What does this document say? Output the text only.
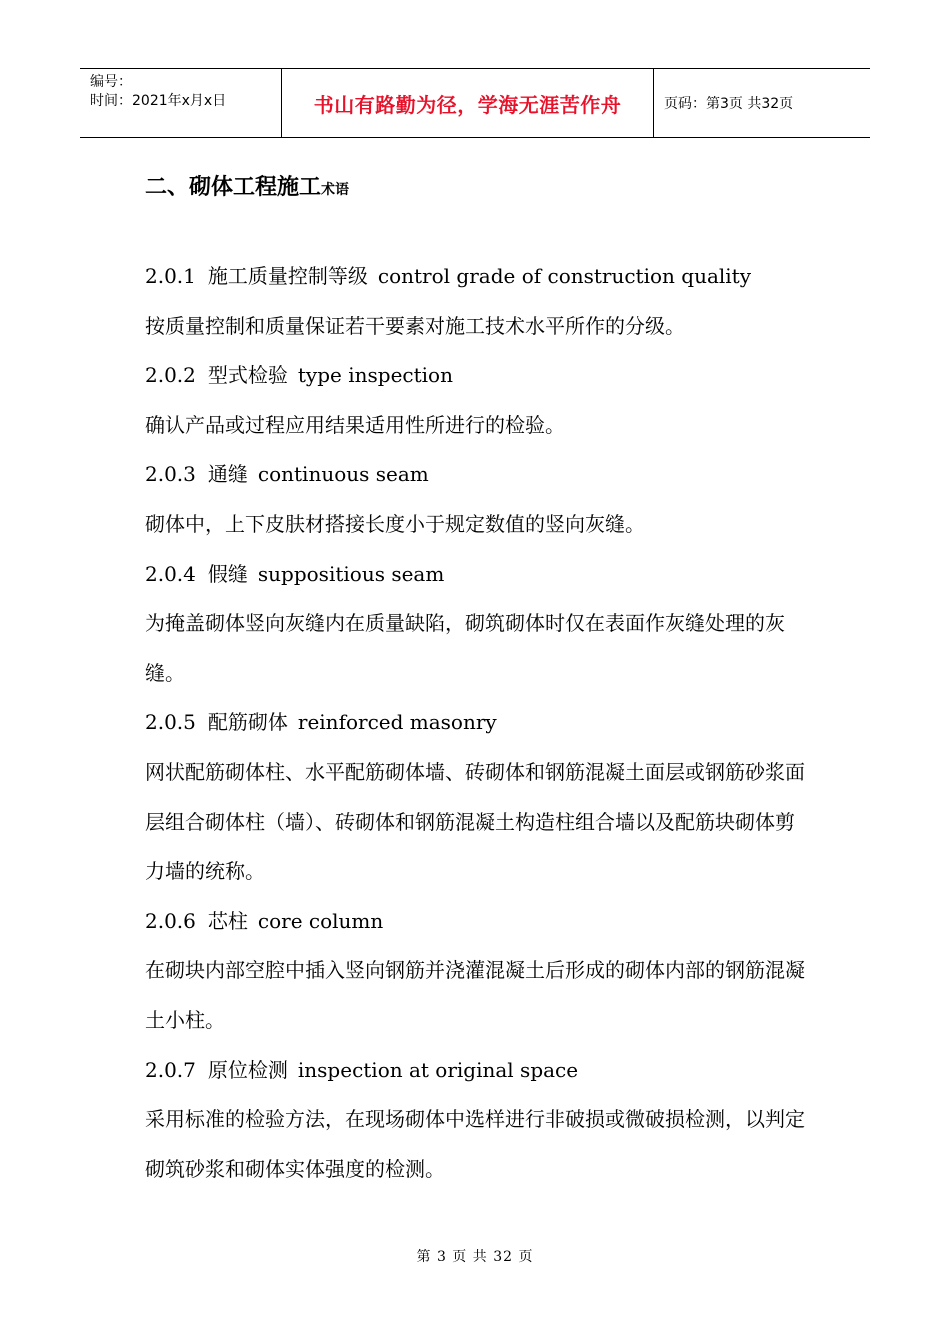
编号：
时间：2021年x月x日	书山有路勤为径，学海无涯苦作舟	页码：第3页 共32页
二、砌体工程施工术语
2.0.1 施工质量控制等级 control grade of construction quality
按质量控制和质量保证若干要素对施工技术水平所作的分级。
2.0.2 型式检验 type inspection
确认产品或过程应用结果适用性所进行的检验。
2.0.3 通缝 continuous seam
砌体中，上下皮肤材搭接长度小于规定数值的竖向灰缝。
2.0.4 假缝 suppositious seam
为掩盖砌体竖向灰缝内在质量缺陷，砌筑砌体时仅在表面作灰缝处理的灰缝。
2.0.5 配筋砌体 reinforced masonry
网状配筋砌体柱、水平配筋砌体墙、砖砌体和钢筋混凝土面层或钢筋砂浆面层组合砌体柱（墙）、砖砌体和钢筋混凝土构造柱组合墙以及配筋块砌体剪力墙的统称。
2.0.6 芯柱 core column
在砌块内部空腔中插入竖向钢筋并浇灌混凝土后形成的砌体内部的钢筋混凝土小柱。
2.0.7 原位检测 inspection at original space
采用标准的检验方法，在现场砌体中选样进行非破损或微破损检测，以判定砌筑砂浆和砌体实体强度的检测。
第 3 页 共 32 页
